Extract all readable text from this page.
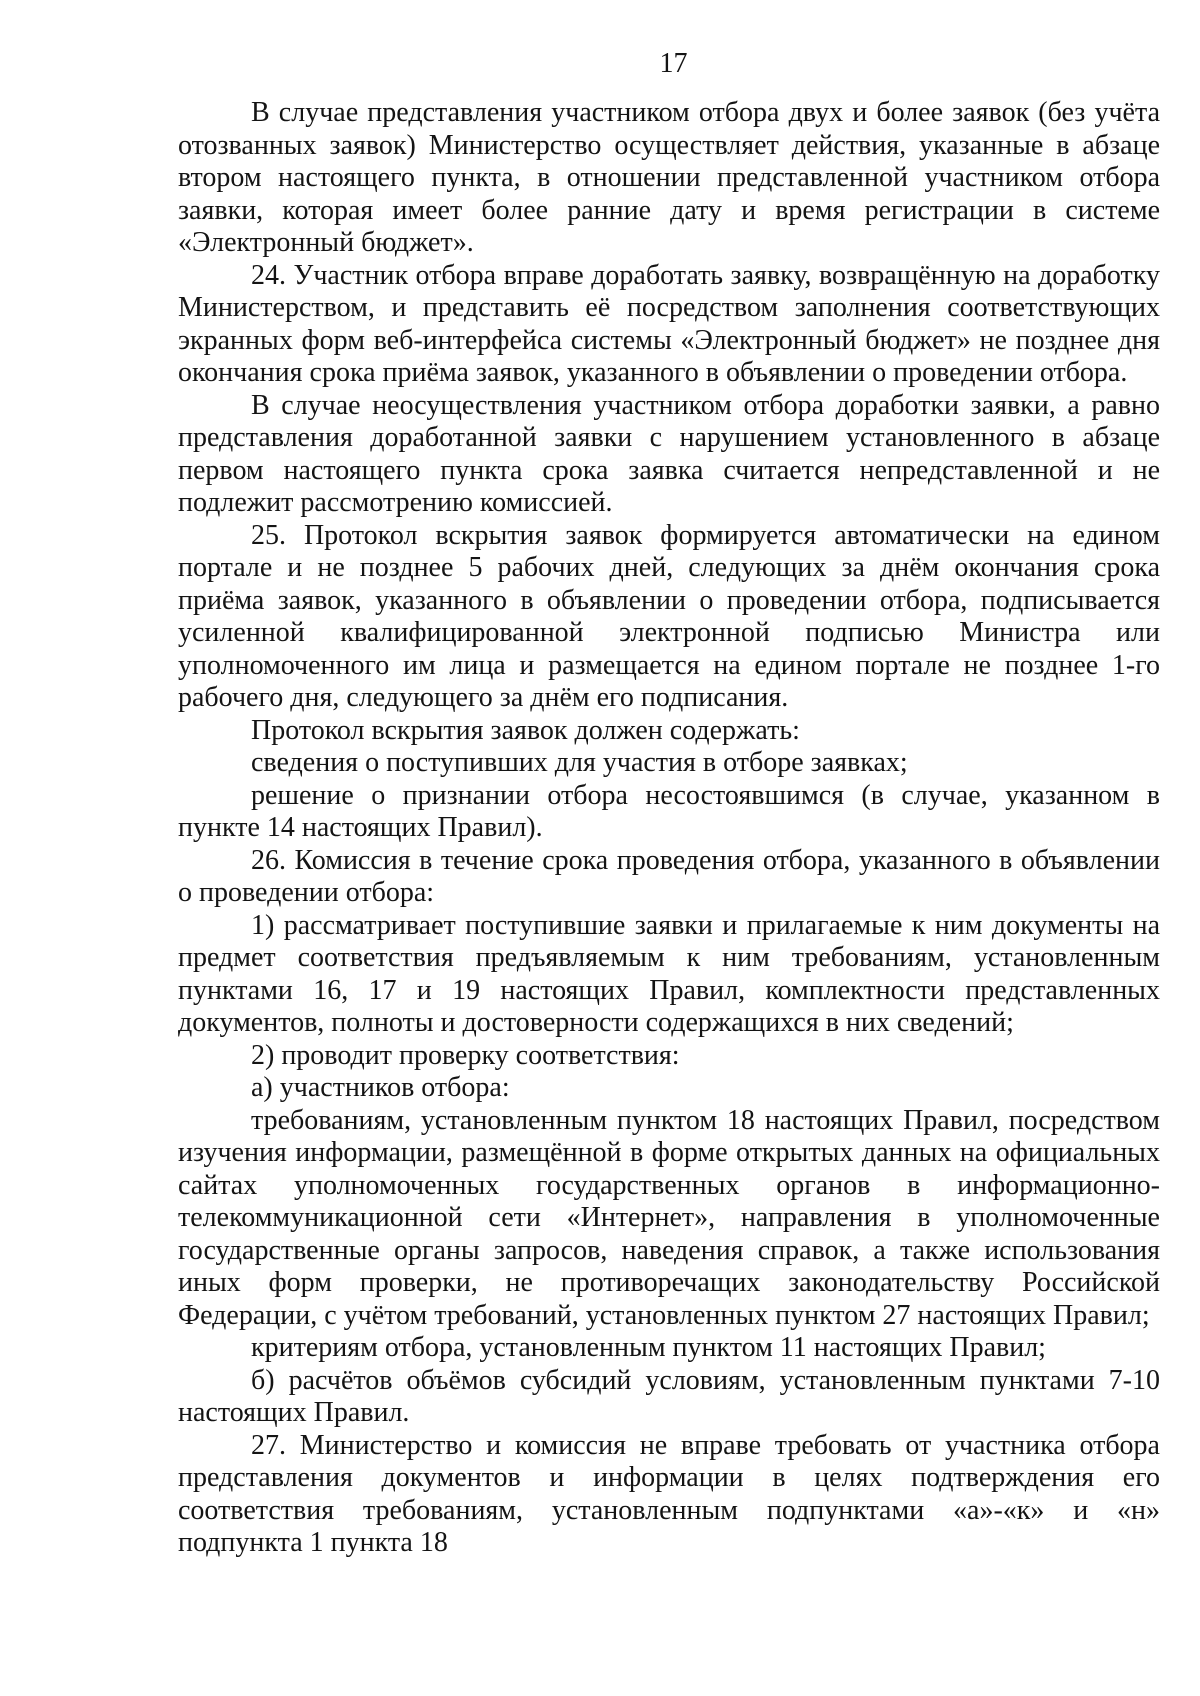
17

В случае представления участником отбора двух и более заявок (без учёта отозванных заявок) Министерство осуществляет действия, указанные в абзаце втором настоящего пункта, в отношении представленной участником отбора заявки, которая имеет более ранние дату и время регистрации в системе «Электронный бюджет».

24. Участник отбора вправе доработать заявку, возвращённую на доработку Министерством, и представить её посредством заполнения соответствующих экранных форм веб-интерфейса системы «Электронный бюджет» не позднее дня окончания срока приёма заявок, указанного в объявлении о проведении отбора.

В случае неосуществления участником отбора доработки заявки, а равно представления доработанной заявки с нарушением установленного в абзаце первом настоящего пункта срока заявка считается непредставленной и не подлежит рассмотрению комиссией.

25. Протокол вскрытия заявок формируется автоматически на едином портале и не позднее 5 рабочих дней, следующих за днём окончания срока приёма заявок, указанного в объявлении о проведении отбора, подписывается усиленной квалифицированной электронной подписью Министра или уполномоченного им лица и размещается на едином портале не позднее 1-го рабочего дня, следующего за днём его подписания.

Протокол вскрытия заявок должен содержать:

сведения о поступивших для участия в отборе заявках;

решение о признании отбора несостоявшимся (в случае, указанном в пункте 14 настоящих Правил).

26. Комиссия в течение срока проведения отбора, указанного в объявлении о проведении отбора:

1) рассматривает поступившие заявки и прилагаемые к ним документы на предмет соответствия предъявляемым к ним требованиям, установленным пунктами 16, 17 и 19 настоящих Правил, комплектности представленных документов, полноты и достоверности содержащихся в них сведений;

2) проводит проверку соответствия:

а) участников отбора:

требованиям, установленным пунктом 18 настоящих Правил, посредством изучения информации, размещённой в форме открытых данных на официальных сайтах уполномоченных государственных органов в информационно-телекоммуникационной сети «Интернет», направления в уполномоченные государственные органы запросов, наведения справок, а также использования иных форм проверки, не противоречащих законодательству Российской Федерации, с учётом требований, установленных пунктом 27 настоящих Правил;

критериям отбора, установленным пунктом 11 настоящих Правил;

б) расчётов объёмов субсидий условиям, установленным пунктами 7-10 настоящих Правил.

27. Министерство и комиссия не вправе требовать от участника отбора представления документов и информации в целях подтверждения его соответствия требованиям, установленным подпунктами «а»-«к» и «н» подпункта 1 пункта 18
